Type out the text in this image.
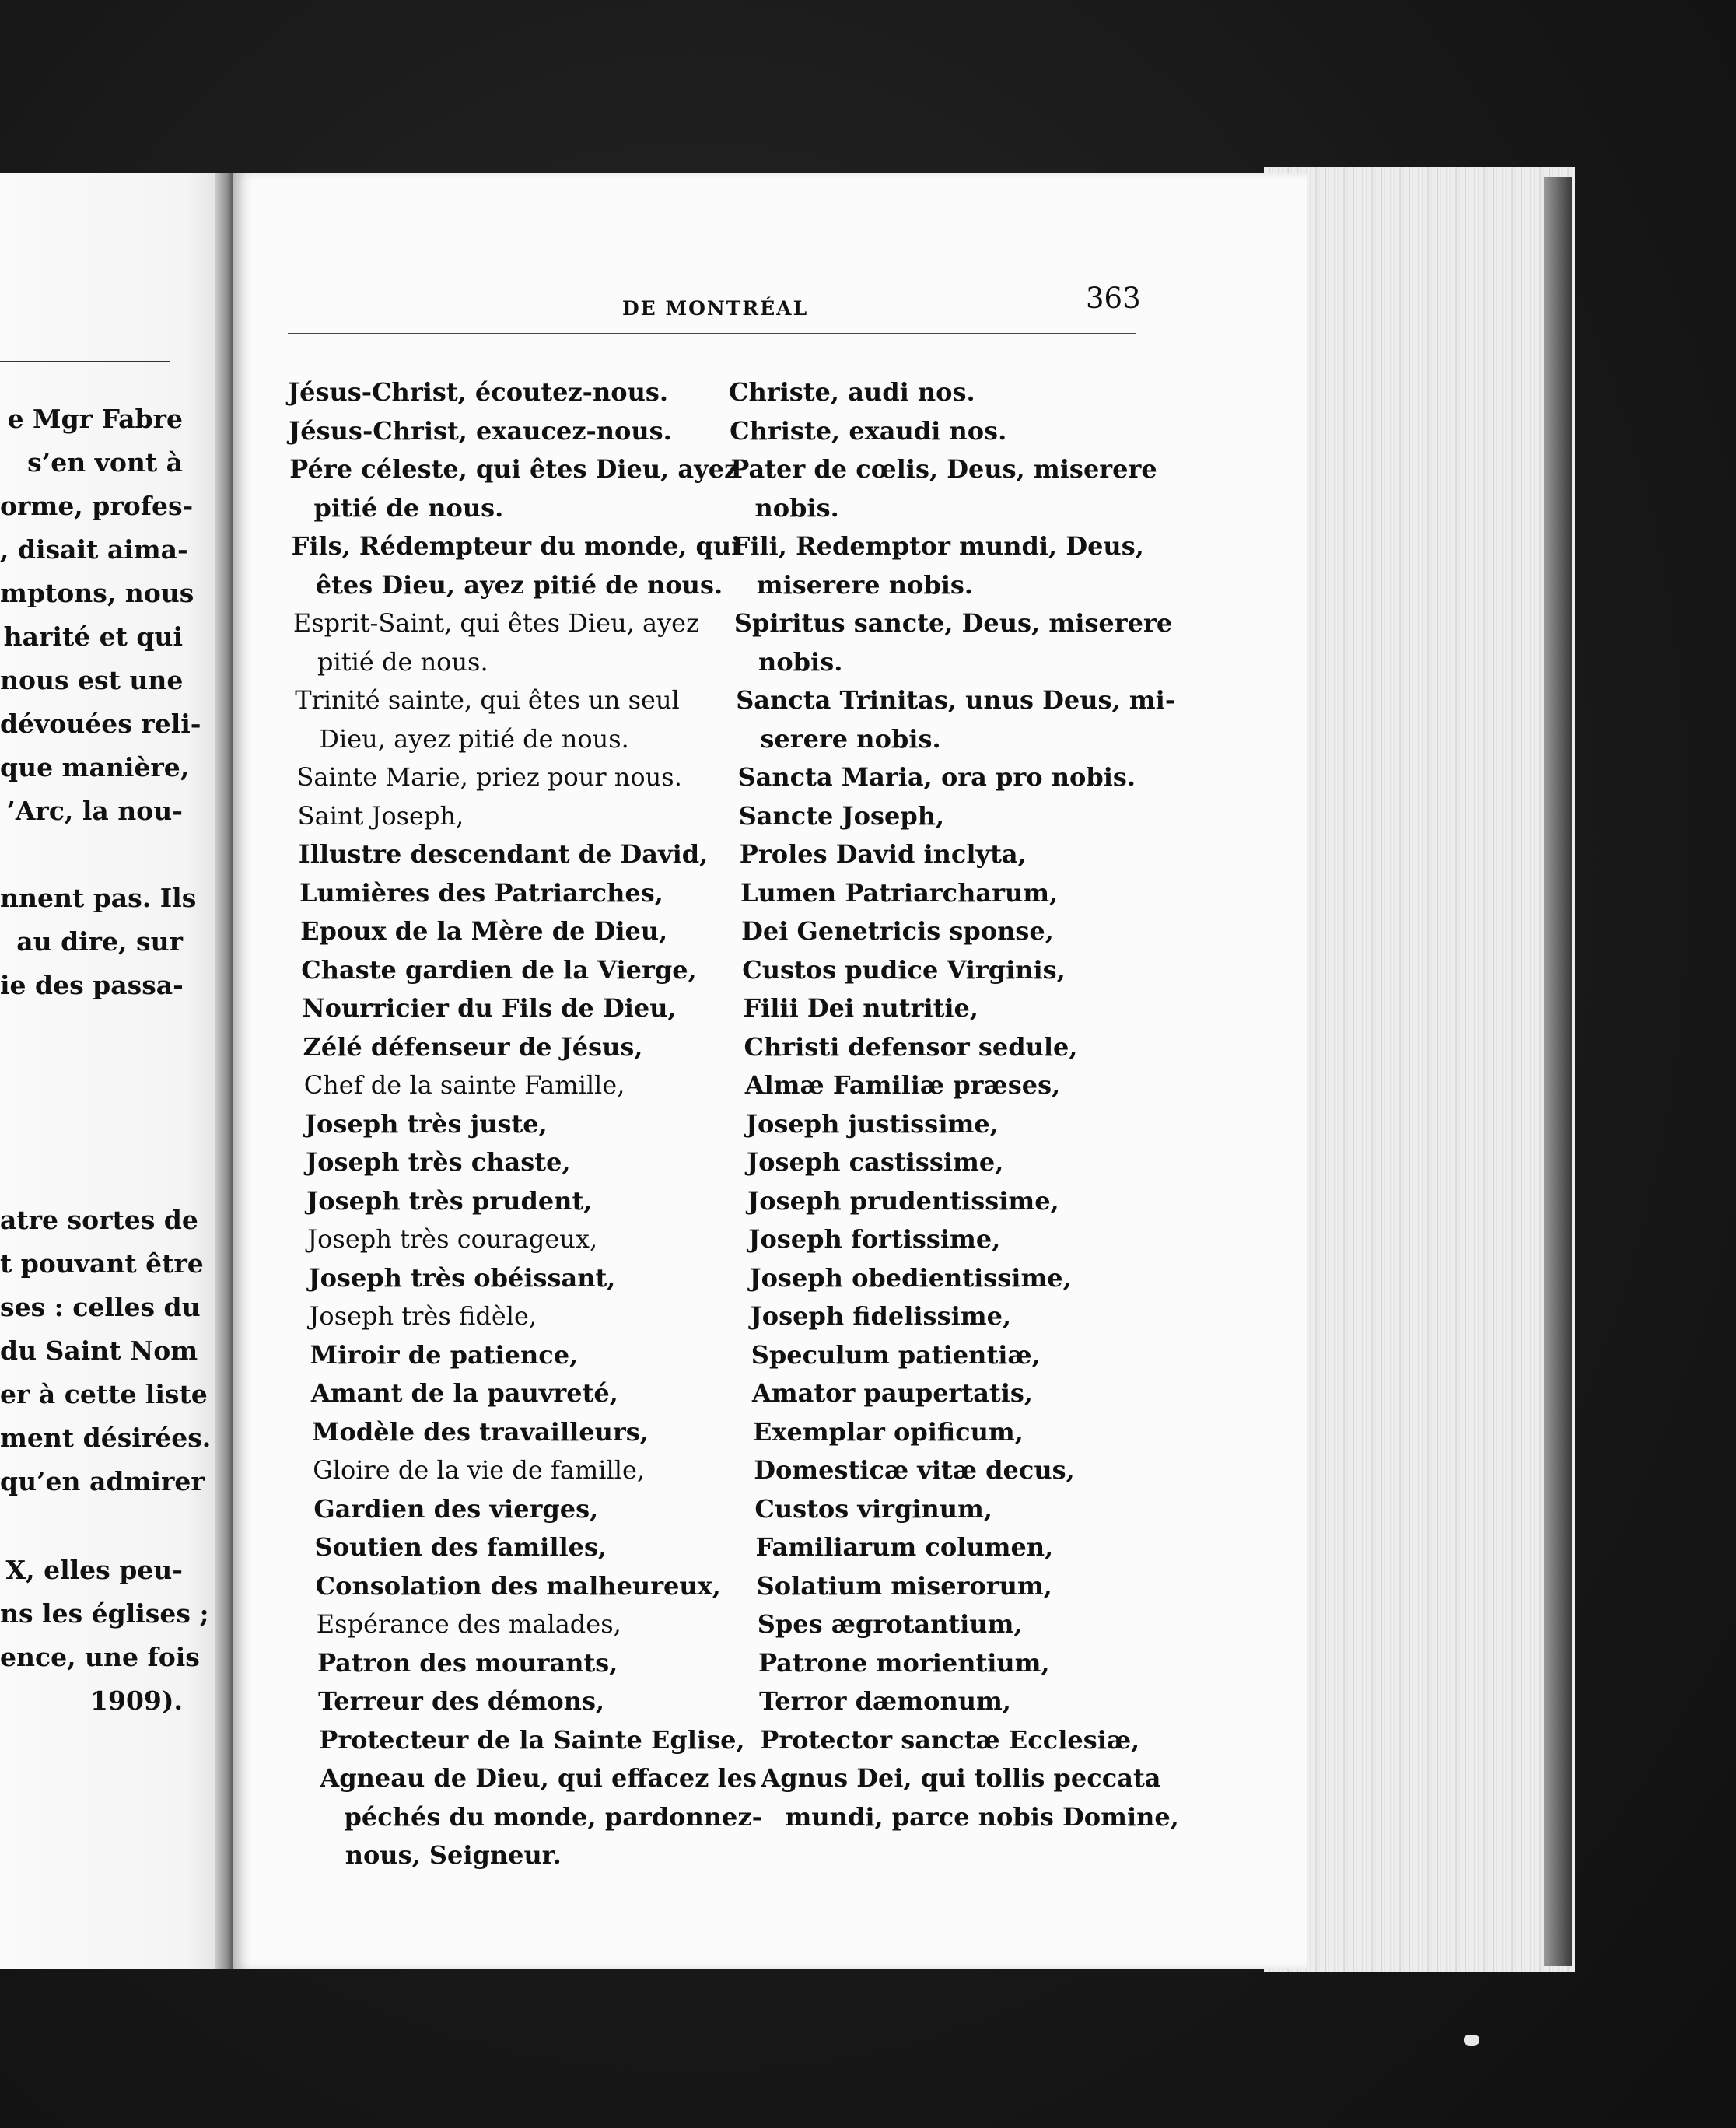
e Mgr Fabre
s’en vont à
orme, profes-
, disait aima-
mptons, nous
harité et qui
nous est une
dévouées reli-
que manière,
’Arc, la nou-
nnent pas. Ils
au dire, sur
ie des passa-
atre sortes de
t pouvant être
ses : celles du
du Saint Nom
er à cette liste
ment désirées.
qu’en admirer
X, elles peu-
ns les églises ;
ence, une fois
1909).
DE MONTRÉAL	363
Jésus-Christ, écoutez-nous.
Jésus-Christ, exaucez-nous.
Pére céleste, qui êtes Dieu, ayez
pitié de nous.
Fils, Rédempteur du monde, qui
êtes Dieu, ayez pitié de nous.
Esprit-Saint, qui êtes Dieu, ayez
pitié de nous.
Trinité sainte, qui êtes un seul
Dieu, ayez pitié de nous.
Sainte Marie, priez pour nous.
Saint Joseph,
Illustre descendant de David,
Lumières des Patriarches,
Epoux de la Mère de Dieu,
Chaste gardien de la Vierge,
Nourricier du Fils de Dieu,
Zélé défenseur de Jésus,
Chef de la sainte Famille,
Joseph très juste,
Joseph très chaste,
Joseph très prudent,
Joseph très courageux,
Joseph très obéissant,
Joseph très fidèle,
Miroir de patience,
Amant de la pauvreté,
Modèle des travailleurs,
Gloire de la vie de famille,
Gardien des vierges,
Soutien des familles,
Consolation des malheureux,
Espérance des malades,
Patron des mourants,
Terreur des démons,
Protecteur de la Sainte Eglise,
Agneau de Dieu, qui effacez les
péchés du monde, pardonnez-
nous, Seigneur.
Christe, audi nos.
Christe, exaudi nos.
Pater de cœlis, Deus, miserere
nobis.
Fili, Redemptor mundi, Deus,
miserere nobis.
Spiritus sancte, Deus, miserere
nobis.
Sancta Trinitas, unus Deus, mi-
serere nobis.
Sancta Maria, ora pro nobis.
Sancte Joseph,
Proles David inclyta,
Lumen Patriarcharum,
Dei Genetricis sponse,
Custos pudice Virginis,
Filii Dei nutritie,
Christi defensor sedule,
Almæ Familiæ præses,
Joseph justissime,
Joseph castissime,
Joseph prudentissime,
Joseph fortissime,
Joseph obedientissime,
Joseph fidelissime,
Speculum patientiæ,
Amator paupertatis,
Exemplar opificum,
Domesticæ vitæ decus,
Custos virginum,
Familiarum columen,
Solatium miserorum,
Spes ægrotantium,
Patrone morientium,
Terror dæmonum,
Protector sanctæ Ecclesiæ,
Agnus Dei, qui tollis peccata
mundi, parce nobis Domine,
